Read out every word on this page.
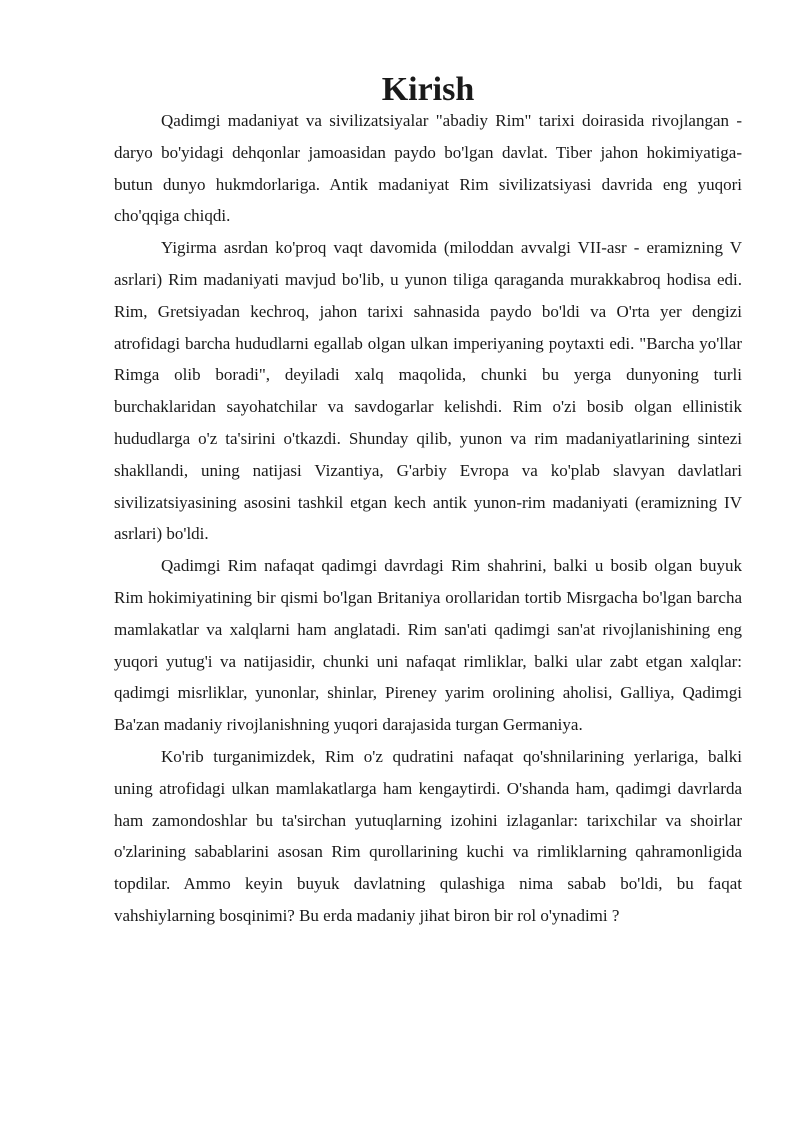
Kirish

Qadimgi madaniyat va sivilizatsiyalar "abadiy Rim" tarixi doirasida rivojlangan - daryo bo'yidagi dehqonlar jamoasidan paydo bo'lgan davlat. Tiber jahon hokimiyatiga-butun dunyo hukmdorlariga. Antik madaniyat Rim sivilizatsiyasi davrida eng yuqori cho'qqiga chiqdi.

Yigirma asrdan ko'proq vaqt davomida (miloddan avvalgi VII-asr - eramizning V asrlari) Rim madaniyati mavjud bo'lib, u yunon tiliga qaraganda murakkabroq hodisa edi. Rim, Gretsiyadan kechroq, jahon tarixi sahnasida paydo bo'ldi va O'rta yer dengizi atrofidagi barcha hududlarni egallab olgan ulkan imperiyaning poytaxti edi. "Barcha yo'llar Rimga olib boradi", deyiladi xalq maqolida, chunki bu yerga dunyoning turli burchaklaridan sayohatchilar va savdogarlar kelishdi. Rim o'zi bosib olgan ellinistik hududlarga o'z ta'sirini o'tkazdi. Shunday qilib, yunon va rim madaniyatlarining sintezi shakllandi, uning natijasi Vizantiya, G'arbiy Evropa va ko'plab slavyan davlatlari sivilizatsiyasining asosini tashkil etgan kech antik yunon-rim madaniyati (eramizning IV asrlari) bo'ldi.

Qadimgi Rim nafaqat qadimgi davrdagi Rim shahrini, balki u bosib olgan buyuk Rim hokimiyatining bir qismi bo'lgan Britaniya orollaridan tortib Misrgacha bo'lgan barcha mamlakatlar va xalqlarni ham anglatadi. Rim san'ati qadimgi san'at rivojlanishining eng yuqori yutug'i va natijasidir, chunki uni nafaqat rimliklar, balki ular zabt etgan xalqlar: qadimgi misrliklar, yunonlar, shinlar, Pireney yarim orolining aholisi, Galliya, Qadimgi Ba'zan madaniy rivojlanishning yuqori darajasida turgan Germaniya.

Ko'rib turganimizdek, Rim o'z qudratini nafaqat qo'shnilarining yerlariga, balki uning atrofidagi ulkan mamlakatlarga ham kengaytirdi. O'shanda ham, qadimgi davrlarda ham zamondoshlar bu ta'sirchan yutuqlarning izohini izlaganlar: tarixchilar va shoirlar o'zlarining sabablarini asosan Rim qurollarining kuchi va rimliklarning qahramonligida topdilar. Ammo keyin buyuk davlatning qulashiga nima sabab bo'ldi, bu faqat vahshiylarning bosqinimi? Bu erda madaniy jihat biron bir rol o'ynadimi ?
